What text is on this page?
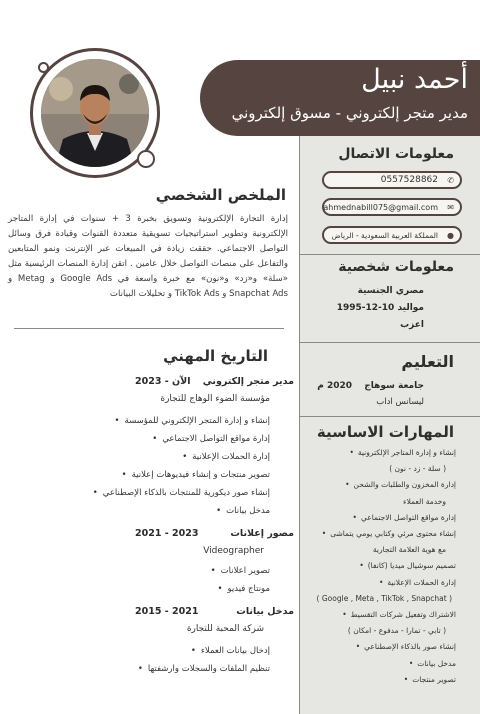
أحمد نبيل
مدير متجر إلكتروني - مسوق إلكتروني
معلومات الاتصال
✆
0557528862
✉
ahmednabill075@gmail.com
●
المملكة العربية السعودية - الرياض
معلومات شخصية
مصري الجنسية
مواليد 10-12-1995
اعزب
التعليم
جامعة سوهاج
2020 م
ليسانس اداب
المهارات الاساسية
إنشاء و إدارة المتاجر الإلكترونية •
( سلة - زد - نون )
إدارة المخزون والطلبات والشحن •
وخدمة العملاء
إدارة مواقع التواصل الاجتماعي •
إنشاء محتوى مرئي وكتابي يومي يتماشى •
مع هوية العلامة التجارية
تصميم سوشيال ميديا (كانفا) •
إدارة الحملات الإعلانية •
( Google , Meta , TikTok , Snapchat )
الاشتراك وتفعيل شركات التقسيط •
( تابي - تمارا - مدفوع - امكان )
إنشاء صور بالذكاء الإصطناعي •
مدخل بيانات •
تصوير منتجات •
الملخص الشخصي
إدارة التجارة الإلكترونية وتسويق بخبرة 3 + سنوات في إدارة المتاجر الإلكترونية وتطوير استراتيجيات تسويقية متعددة القنوات وقيادة فرق وسائل التواصل الاجتماعي. حققت زيادة في المبيعات عبر الإنترنت ونمو المتابعين والتفاعل على منصات التواصل خلال عامين . اتقن إدارة المنصات الرئيسية مثل «سلة» و«زد» و«نون» مع خبرة واسعة في Google Ads و Metag و Snapchat Ads و TikTok Ads و تحليلات البيانات
التاريخ المهني
مدير متجر إلكتروني
الآن - 2023
مؤسسة الضوء الوهاج للتجارة
إنشاء و إدارة المتجر الإلكتروني للمؤسسة •
إدارة مواقع التواصل الاجتماعي •
إدارة الحملات الإعلانية •
تصوير منتجات و إنشاء فيديوهات إعلانية •
إنشاء صور ديكورية للمنتجات بالذكاء الإصطناعي •
مدخل بيانات •
مصور إعلانات
2021 - 2023
Videographer
تصوير اعلانات •
مونتاج فيديو •
مدخل بيانات
2015 - 2021
شركة المحبة للتجارة
إدخال بيانات العملاء •
تنظيم الملفات والسجلات وارشفتها •
